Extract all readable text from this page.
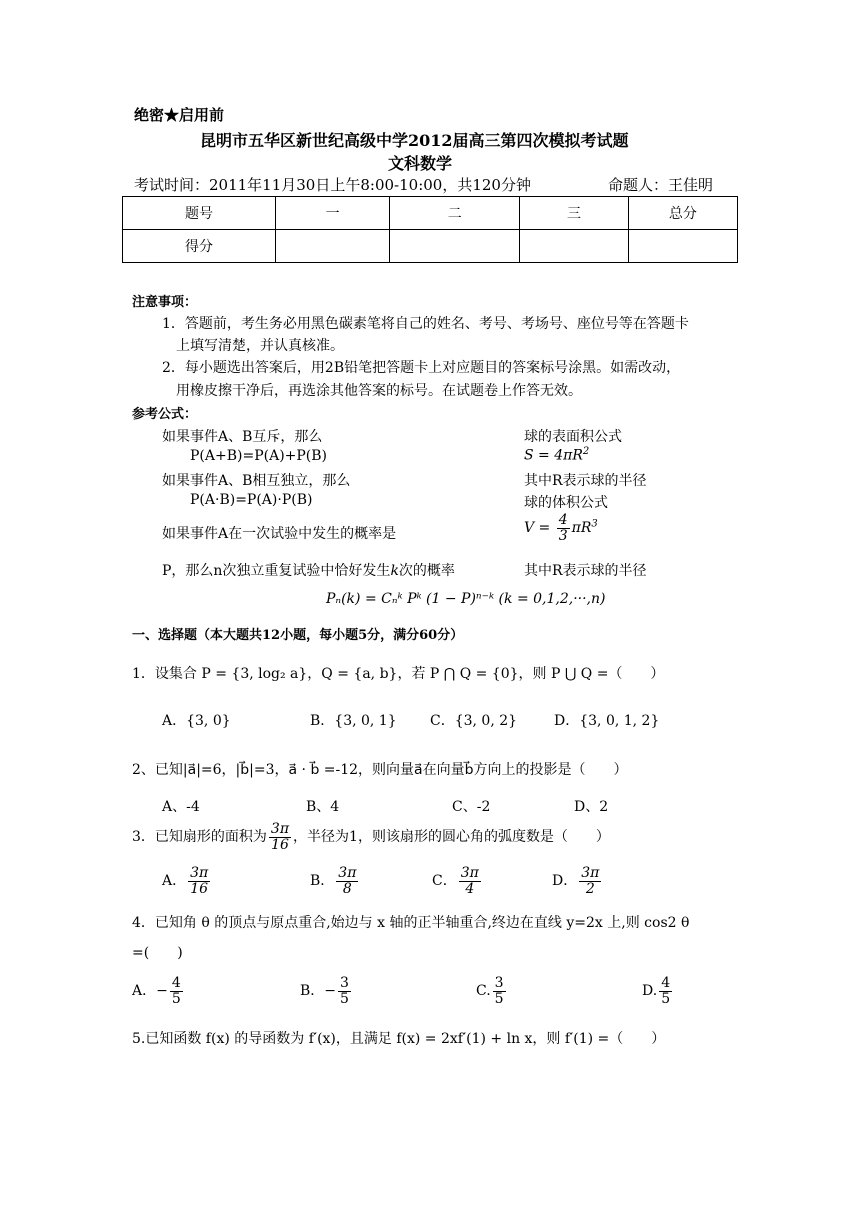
绝密★启用前
昆明市五华区新世纪高级中学2012届高三第四次模拟考试题
文科数学
考试时间：2011年11月30日上午8:00-10:00，共120分钟	命题人：王佳明
题号	一	二	三	总分
得分				
注意事项：
1．答题前，考生务必用黑色碳素笔将自己的姓名、考号、考场号、座位号等在答题卡
上填写清楚，并认真核准。
2．每小题选出答案后，用2B铅笔把答题卡上对应题目的答案标号涂黑。如需改动，
用橡皮擦干净后，再选涂其他答案的标号。在试题卷上作答无效。
参考公式：
如果事件A、B互斥，那么
P(A+B)=P(A)+P(B)
如果事件A、B相互独立，那么
P(A·B)=P(A)·P(B)
如果事件A在一次试验中发生的概率是
P，那么n次独立重复试验中恰好发生k次的概率
球的表面积公式
$S = 4\pi R^2$
其中R表示球的半径
球的体积公式
$V = \frac{4}{3} \pi R^3$
其中R表示球的半径
Pₙ(k) = Cₙᵏ Pᵏ (1 − P)ⁿ⁻ᵏ (k = 0,1,2,···,n)
一、选择题（本大题共12小题，每小题5分，满分60分）
1．设集合 P = {3, log₂ a}，Q = {a, b}，若 P ⋂ Q = {0}，则 P ⋃ Q =（　　）
A．{3, 0}	B．{3, 0, 1} C．{3, 0, 2}	D．{3, 0, 1, 2}
2、已知|a⃗|=6，|b⃗|=3，a⃗ · b⃗ =-12，则向量a⃗在向量b⃗方向上的投影是（　　）
A、-4	B、4	C、-2	D、2
3．已知扇形的面积为 $\frac{3\pi}{16}$ ，半径为1，则该扇形的圆心角的弧度数是（　　）
A． $\frac{3\pi}{16}$	B． $\frac{3\pi}{8}$	C． $\frac{3\pi}{4}$	D． $\frac{3\pi}{2}$
4．已知角 θ 的顶点与原点重合,始边与 x 轴的正半轴重合,终边在直线 y=2x 上,则 cos2 θ
=(　　)
A．− $\frac{4}{5}$	B．− $\frac{3}{5}$	C. $\frac{3}{5}$	D. $\frac{4}{5}$
5.已知函数 f(x) 的导函数为 f′(x)，且满足 f(x) = 2xf′(1) + ln x，则 f′(1) =（　　）
